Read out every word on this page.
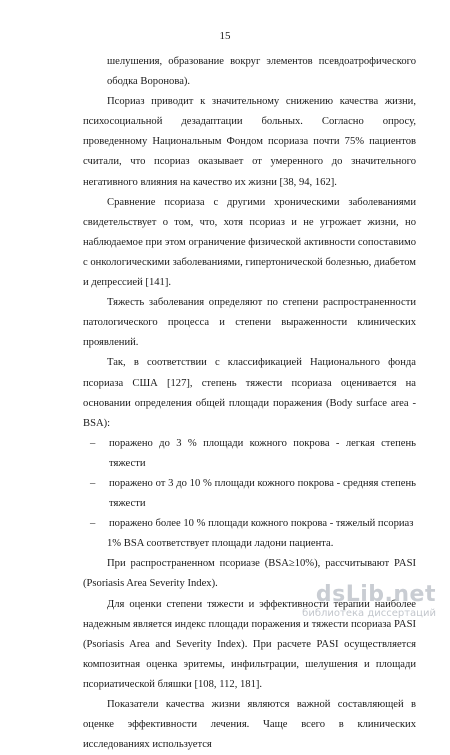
15

шелушения, образование вокруг элементов псевдоатрофического ободка Воронова).

Псориаз приводит к значительному снижению качества жизни, психосоциальной дезадаптации больных. Согласно опросу, проведенному Национальным Фондом псориаза почти 75% пациентов считали, что псориаз оказывает от умеренного до значительного негативного влияния на качество их жизни [38, 94, 162].

Сравнение псориаза с другими хроническими заболеваниями свидетельствует о том, что, хотя псориаз и не угрожает жизни, но наблюдаемое при этом ограничение физической активности сопоставимо с онкологическими заболеваниями, гипертонической болезнью, диабетом и депрессией [141].

Тяжесть заболевания определяют по степени распространенности патологического процесса и степени выраженности клинических проявлений.

Так, в соответствии с классификацией Национального фонда псориаза США [127], степень тяжести псориаза оценивается на основании определения общей площади поражения (Body surface area - BSA):

– поражено до 3 % площади кожного покрова - легкая степень тяжести
– поражено от 3 до 10 % площади кожного покрова - средняя степень тяжести
– поражено более 10 % площади кожного покрова - тяжелый псориаз

1% BSA соответствует площади ладони пациента.

При распространенном псориазе (BSA≥10%), рассчитывают PASI (Psoriasis Area Severity Index).

Для оценки степени тяжести и эффективности терапии наиболее надежным является индекс площади поражения и тяжести псориаза PASI (Psoriasis Area and Severity Index). При расчете PASI осуществляется композитная оценка эритемы, инфильтрации, шелушения и площади псориатической бляшки [108, 112, 181].

Показатели качества жизни являются важной составляющей в оценке эффективности лечения. Чаще всего в клинических исследованиях используется

dsLib.net
библиотека диссертаций
